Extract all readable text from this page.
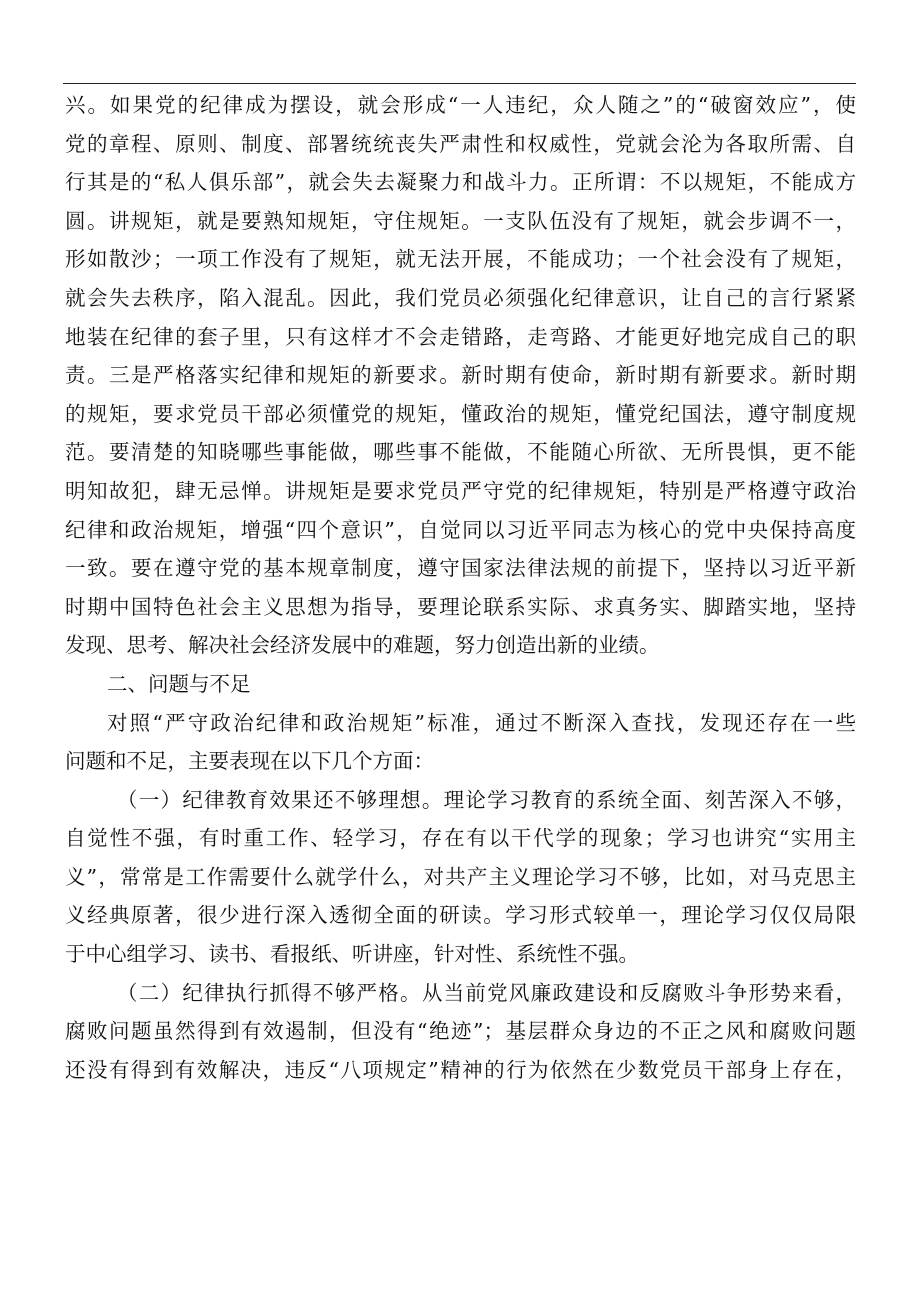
兴。如果党的纪律成为摆设，就会形成“一人违纪，众人随之”的“破窗效应”，使
党的章程、原则、制度、部署统统丧失严肃性和权威性，党就会沦为各取所需、自
行其是的“私人俱乐部”，就会失去凝聚力和战斗力。正所谓：不以规矩，不能成方
圆。讲规矩，就是要熟知规矩，守住规矩。一支队伍没有了规矩，就会步调不一，
形如散沙；一项工作没有了规矩，就无法开展，不能成功；一个社会没有了规矩，
就会失去秩序，陷入混乱。因此，我们党员必须强化纪律意识，让自己的言行紧紧
地装在纪律的套子里，只有这样才不会走错路，走弯路、才能更好地完成自己的职
责。三是严格落实纪律和规矩的新要求。新时期有使命，新时期有新要求。新时期
的规矩，要求党员干部必须懂党的规矩，懂政治的规矩，懂党纪国法，遵守制度规
范。要清楚的知晓哪些事能做，哪些事不能做，不能随心所欲、无所畏惧，更不能
明知故犯，肆无忌惮。讲规矩是要求党员严守党的纪律规矩，特别是严格遵守政治
纪律和政治规矩，增强“四个意识”，自觉同以习近平同志为核心的党中央保持高度
一致。要在遵守党的基本规章制度，遵守国家法律法规的前提下，坚持以习近平新
时期中国特色社会主义思想为指导，要理论联系实际、求真务实、脚踏实地，坚持
发现、思考、解决社会经济发展中的难题，努力创造出新的业绩。
二、问题与不足
对照“严守政治纪律和政治规矩”标准，通过不断深入查找，发现还存在一些
问题和不足，主要表现在以下几个方面：
（一）纪律教育效果还不够理想。理论学习教育的系统全面、刻苦深入不够，
自觉性不强，有时重工作、轻学习，存在有以干代学的现象；学习也讲究“实用主
义”，常常是工作需要什么就学什么，对共产主义理论学习不够，比如，对马克思主
义经典原著，很少进行深入透彻全面的研读。学习形式较单一，理论学习仅仅局限
于中心组学习、读书、看报纸、听讲座，针对性、系统性不强。
（二）纪律执行抓得不够严格。从当前党风廉政建设和反腐败斗争形势来看，
腐败问题虽然得到有效遏制，但没有“绝迹”；基层群众身边的不正之风和腐败问题
还没有得到有效解决，违反“八项规定”精神的行为依然在少数党员干部身上存在，
